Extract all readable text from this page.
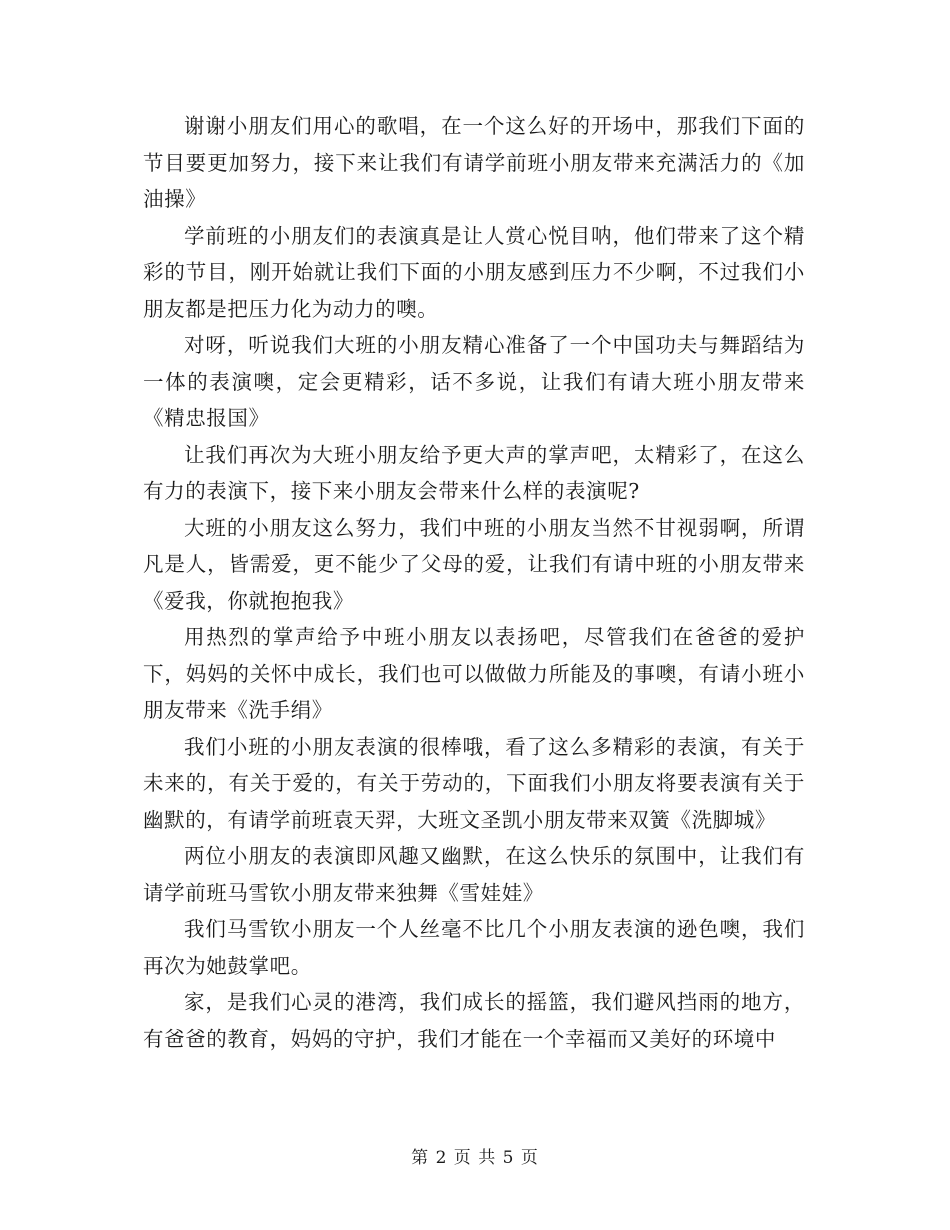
谢谢小朋友们用心的歌唱，在一个这么好的开场中，那我们下面的节目要更加努力，接下来让我们有请学前班小朋友带来充满活力的《加油操》

学前班的小朋友们的表演真是让人赏心悦目呐，他们带来了这个精彩的节目，刚开始就让我们下面的小朋友感到压力不少啊，不过我们小朋友都是把压力化为动力的噢。

对呀，听说我们大班的小朋友精心准备了一个中国功夫与舞蹈结为一体的表演噢，定会更精彩，话不多说，让我们有请大班小朋友带来《精忠报国》

让我们再次为大班小朋友给予更大声的掌声吧，太精彩了，在这么有力的表演下，接下来小朋友会带来什么样的表演呢?

大班的小朋友这么努力，我们中班的小朋友当然不甘视弱啊，所谓凡是人，皆需爱，更不能少了父母的爱，让我们有请中班的小朋友带来《爱我，你就抱抱我》

用热烈的掌声给予中班小朋友以表扬吧，尽管我们在爸爸的爱护下，妈妈的关怀中成长，我们也可以做做力所能及的事噢，有请小班小朋友带来《洗手绢》

我们小班的小朋友表演的很棒哦，看了这么多精彩的表演，有关于未来的，有关于爱的，有关于劳动的，下面我们小朋友将要表演有关于幽默的，有请学前班袁天羿，大班文圣凯小朋友带来双簧《洗脚城》

两位小朋友的表演即风趣又幽默，在这么快乐的氛围中，让我们有请学前班马雪钦小朋友带来独舞《雪娃娃》

我们马雪钦小朋友一个人丝毫不比几个小朋友表演的逊色噢，我们再次为她鼓掌吧。

家，是我们心灵的港湾，我们成长的摇篮，我们避风挡雨的地方，有爸爸的教育，妈妈的守护，我们才能在一个幸福而又美好的环境中

第 2 页 共 5 页
